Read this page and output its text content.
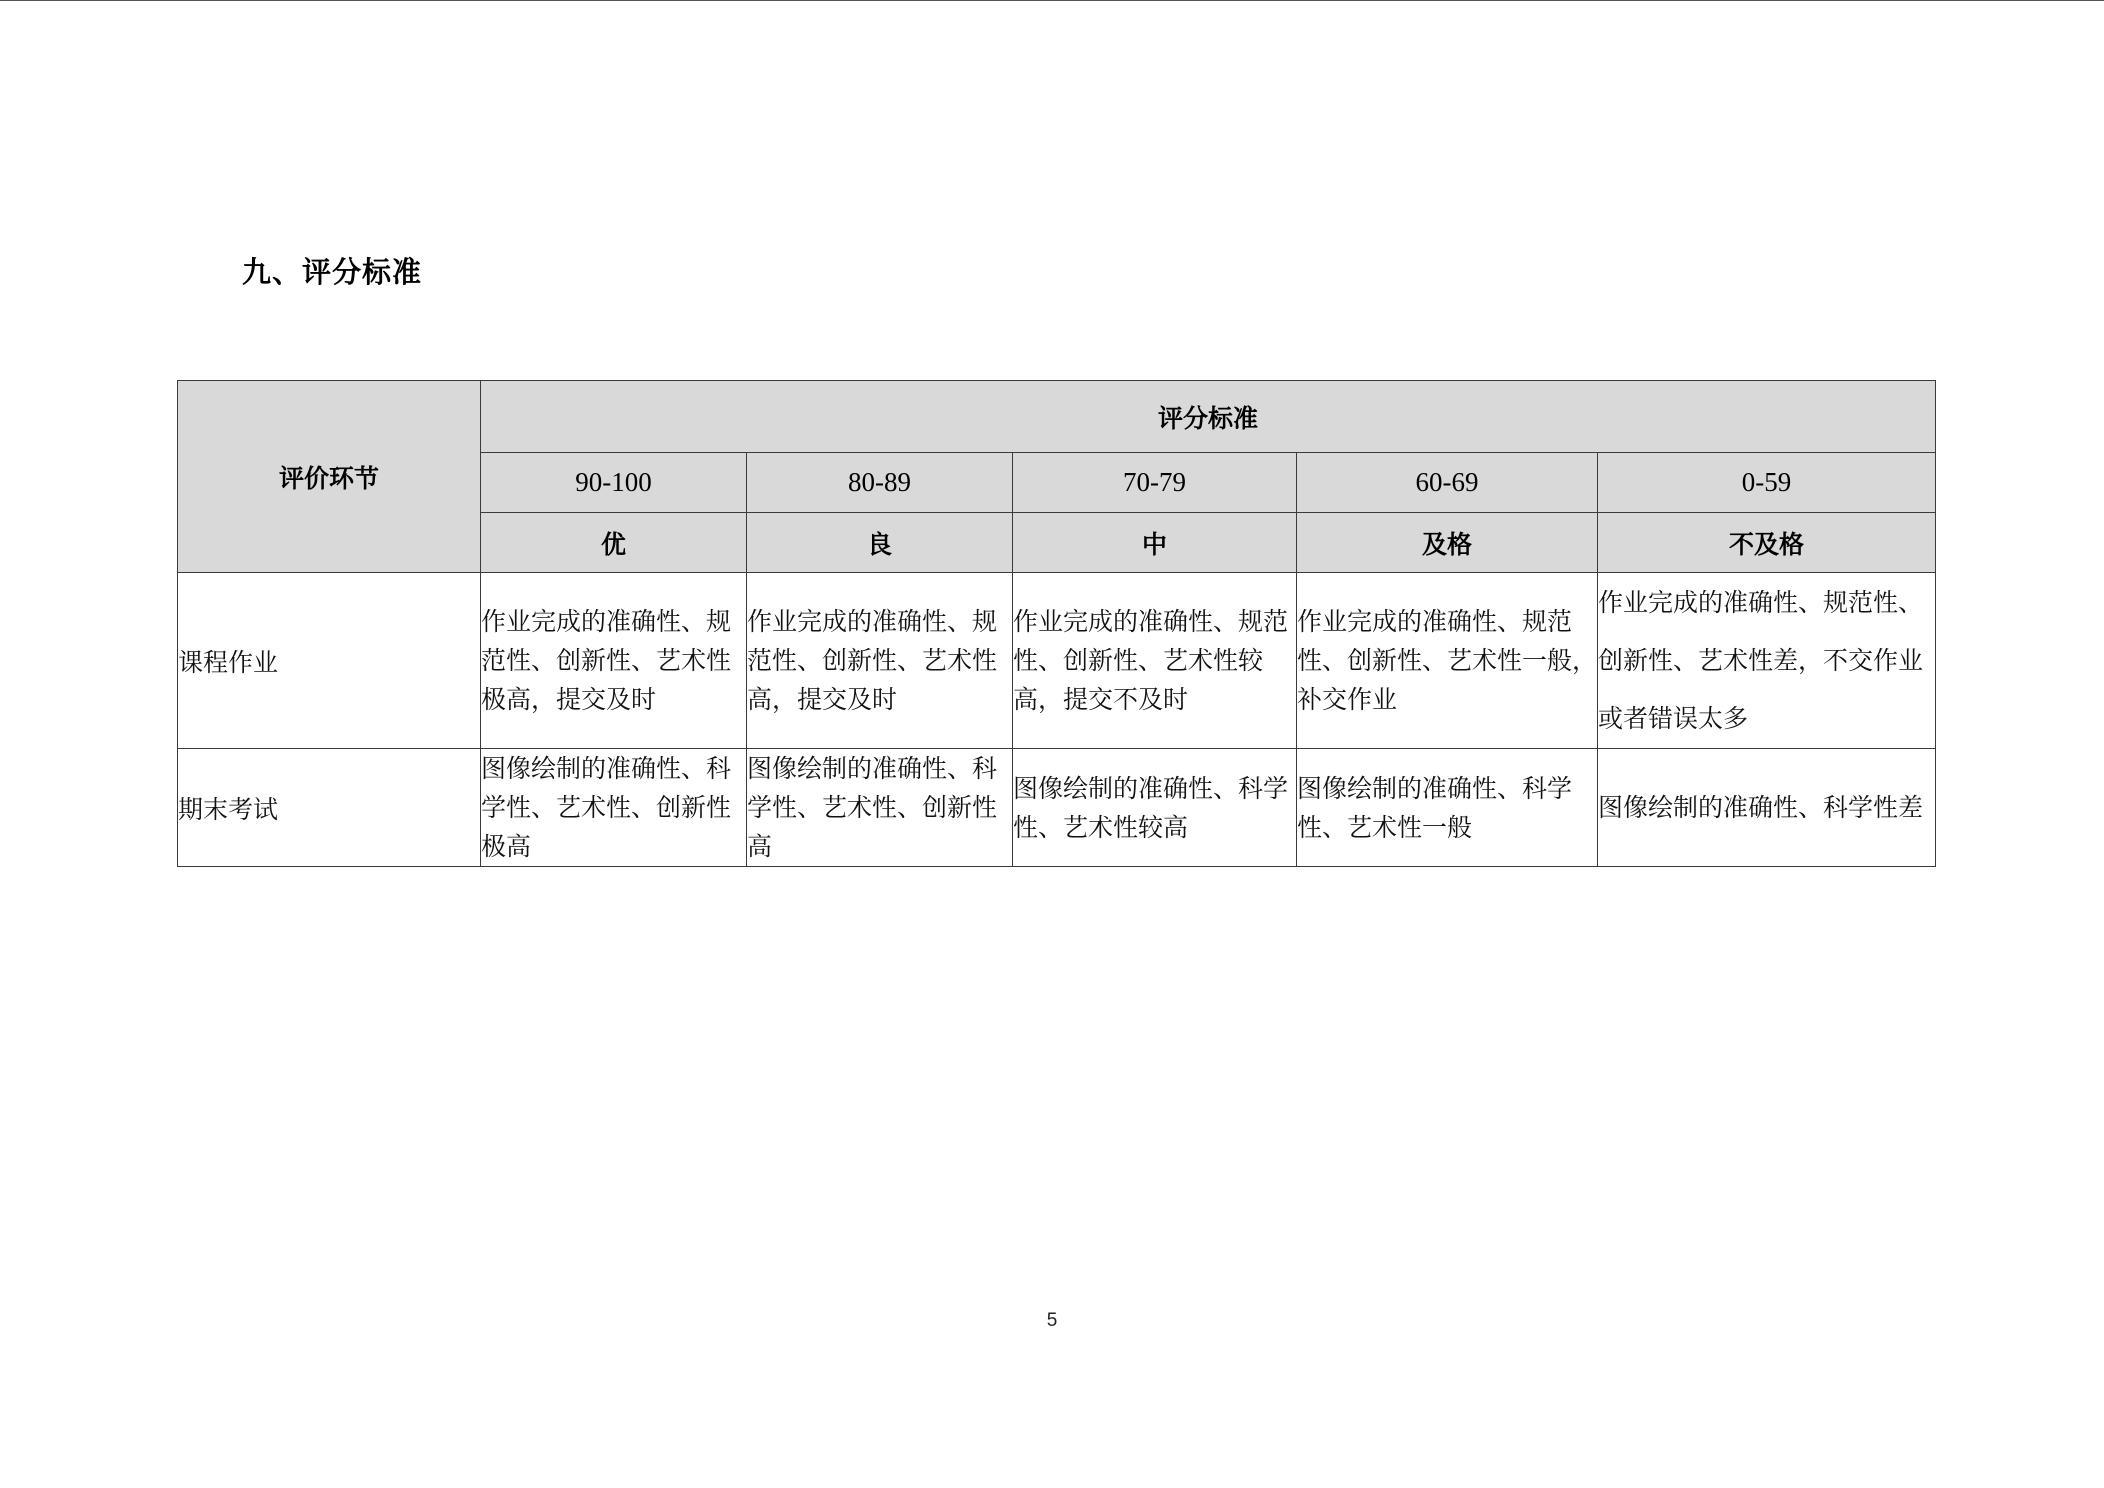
九、评分标准
评价环节	评分标准				
	90-100	80-89	70-79	60-69	0-59
	优	良	中	及格	不及格
课程作业	作业完成的准确性、规范性、创新性、艺术性极高，提交及时	作业完成的准确性、规范性、创新性、艺术性高，提交及时	作业完成的准确性、规范性、创新性、艺术性较高，提交不及时	作业完成的准确性、规范性、创新性、艺术性一般，补交作业	作业完成的准确性、规范性、创新性、艺术性差，不交作业或者错误太多
期末考试	图像绘制的准确性、科学性、艺术性、创新性极高	图像绘制的准确性、科学性、艺术性、创新性高	图像绘制的准确性、科学性、艺术性较高	图像绘制的准确性、科学性、艺术性一般	图像绘制的准确性、科学性差
5
